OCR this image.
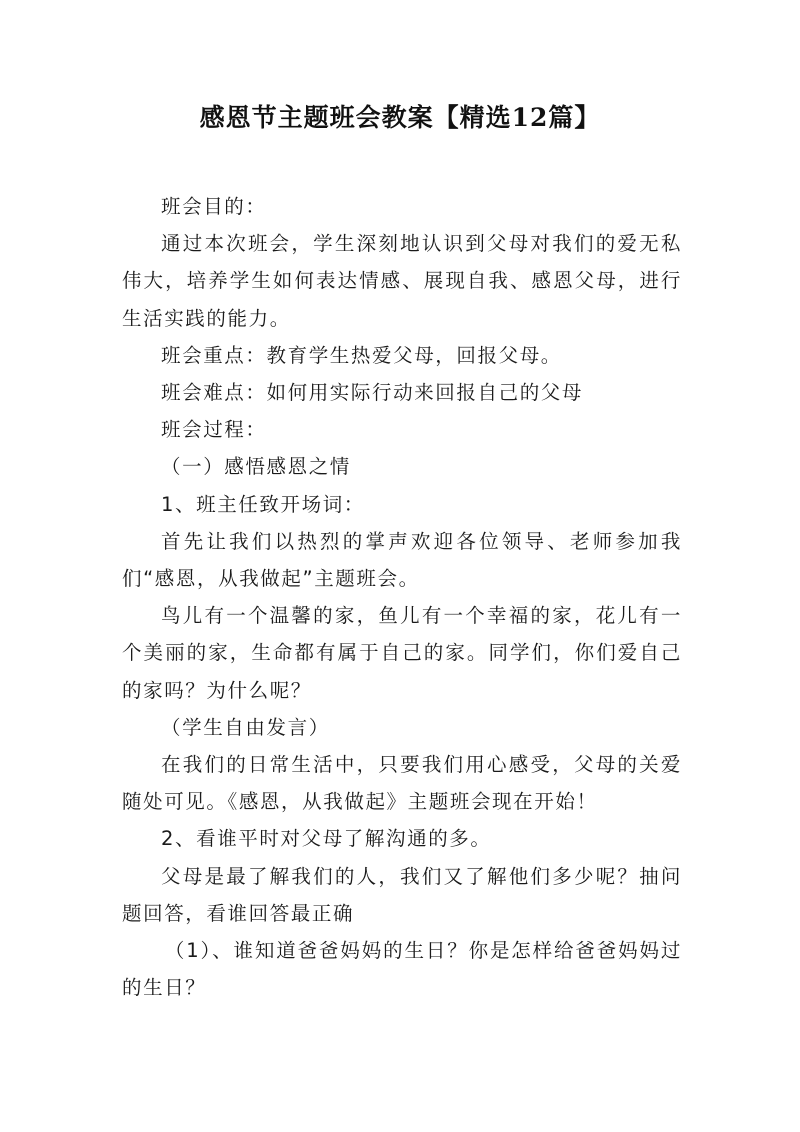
感恩节主题班会教案【精选12篇】

班会目的：

通过本次班会，学生深刻地认识到父母对我们的爱无私伟大，培养学生如何表达情感、展现自我、感恩父母，进行生活实践的能力。

班会重点：教育学生热爱父母，回报父母。

班会难点：如何用实际行动来回报自己的父母

班会过程：

（一）感悟感恩之情

1、班主任致开场词：

首先让我们以热烈的掌声欢迎各位领导、老师参加我们“感恩，从我做起”主题班会。

鸟儿有一个温馨的家，鱼儿有一个幸福的家，花儿有一个美丽的家，生命都有属于自己的家。同学们，你们爱自己的家吗？为什么呢？

（学生自由发言）

在我们的日常生活中，只要我们用心感受，父母的关爱随处可见。《感恩，从我做起》主题班会现在开始！

2、看谁平时对父母了解沟通的多。

父母是最了解我们的人，我们又了解他们多少呢？抽问题回答，看谁回答最正确

（1）、谁知道爸爸妈妈的生日？你是怎样给爸爸妈妈过的生日？
